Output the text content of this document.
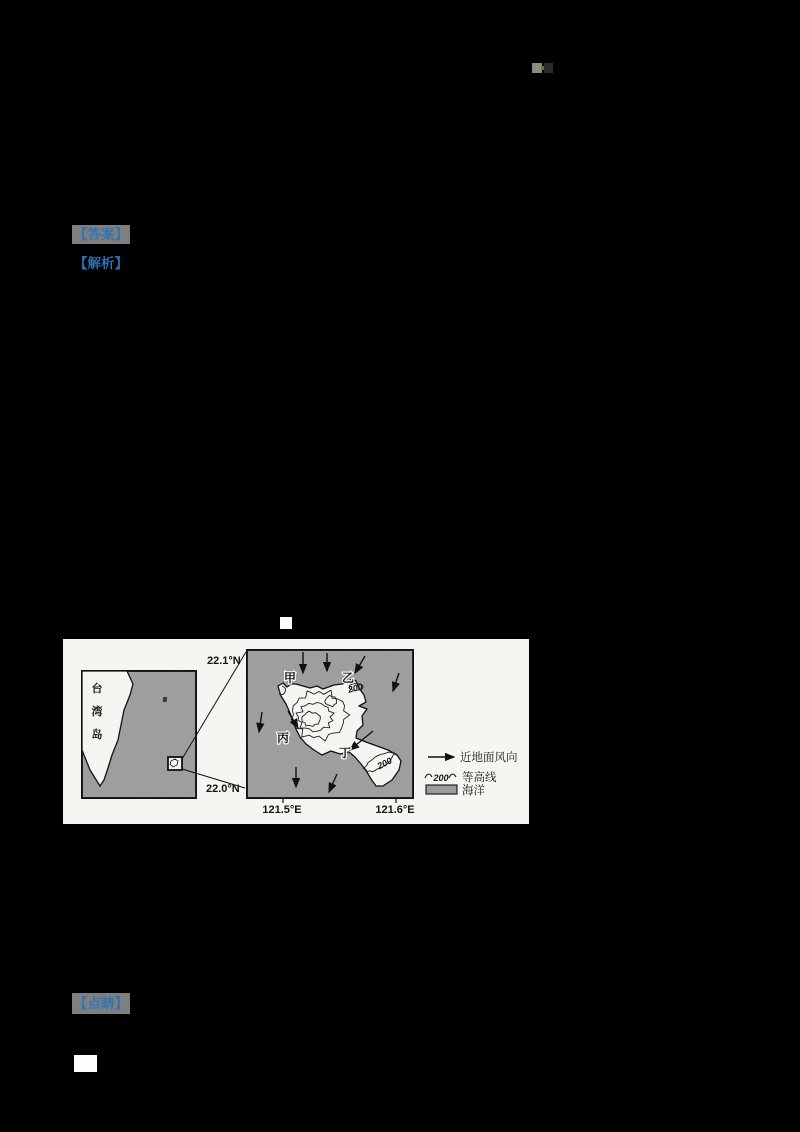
【答案】
【解析】
【点睛】
台
湾
岛
22.1°N
22.0°N
200
200
甲	乙
丙
丁
121.5°E	121.6°E
近地面风向
200 等高线
海洋
